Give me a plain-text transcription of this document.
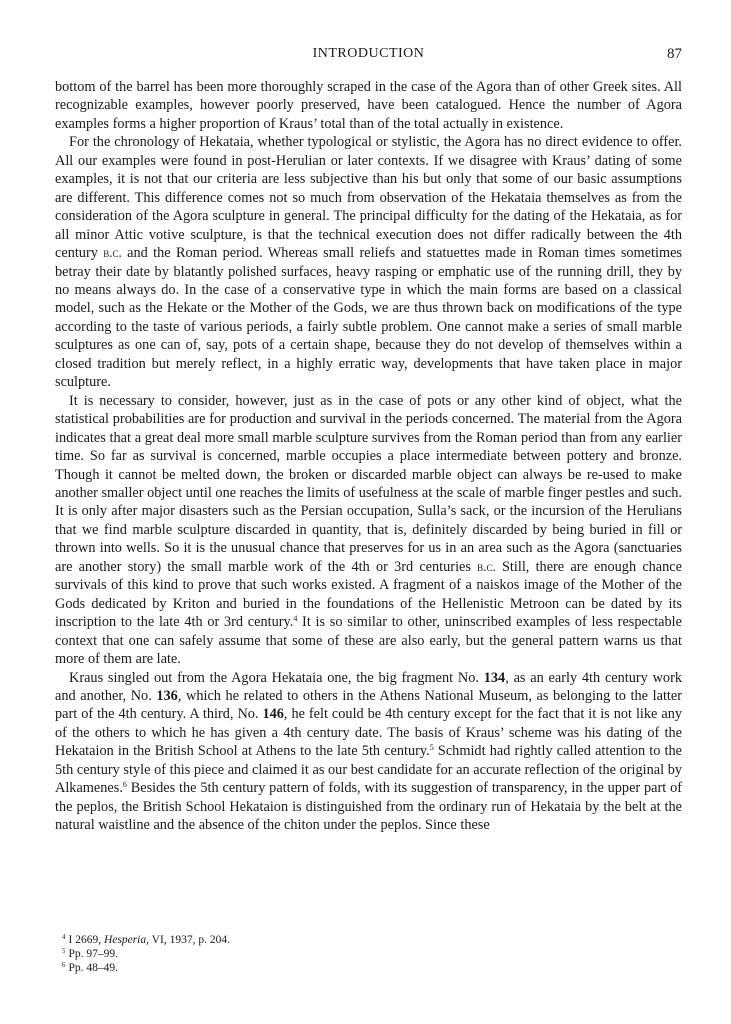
INTRODUCTION	87

bottom of the barrel has been more thoroughly scraped in the case of the Agora than of other Greek sites. All recognizable examples, however poorly preserved, have been catalogued. Hence the number of Agora examples forms a higher proportion of Kraus’ total than of the total actually in existence.

For the chronology of Hekataia, whether typological or stylistic, the Agora has no direct evidence to offer. All our examples were found in post-Herulian or later contexts. If we disagree with Kraus’ dating of some examples, it is not that our criteria are less subjective than his but only that some of our basic assumptions are different. This difference comes not so much from observation of the Hekataia themselves as from the consideration of the Agora sculpture in general. The principal difficulty for the dating of the Hekataia, as for all minor Attic votive sculpture, is that the technical execution does not differ radically between the 4th century b.c. and the Roman period. Whereas small reliefs and statuettes made in Roman times sometimes betray their date by blatantly polished surfaces, heavy rasping or emphatic use of the running drill, they by no means always do. In the case of a conservative type in which the main forms are based on a classical model, such as the Hekate or the Mother of the Gods, we are thus thrown back on modifications of the type according to the taste of various periods, a fairly subtle problem. One cannot make a series of small marble sculptures as one can of, say, pots of a certain shape, because they do not develop of themselves within a closed tradition but merely reflect, in a highly erratic way, developments that have taken place in major sculpture.

It is necessary to consider, however, just as in the case of pots or any other kind of object, what the statistical probabilities are for production and survival in the periods concerned. The material from the Agora indicates that a great deal more small marble sculpture survives from the Roman period than from any earlier time. So far as survival is concerned, marble occupies a place intermediate between pottery and bronze. Though it cannot be melted down, the broken or discarded marble object can always be re-used to make another smaller object until one reaches the limits of usefulness at the scale of marble finger pestles and such. It is only after major disasters such as the Persian occupation, Sulla’s sack, or the incursion of the Herulians that we find marble sculpture discarded in quantity, that is, definitely discarded by being buried in fill or thrown into wells. So it is the unusual chance that preserves for us in an area such as the Agora (sanctuaries are another story) the small marble work of the 4th or 3rd centuries b.c. Still, there are enough chance survivals of this kind to prove that such works existed. A fragment of a naiskos image of the Mother of the Gods dedicated by Kriton and buried in the foundations of the Hellenistic Metroon can be dated by its inscription to the late 4th or 3rd century.$^4$ It is so similar to other, uninscribed examples of less respectable context that one can safely assume that some of these are also early, but the general pattern warns us that more of them are late.

Kraus singled out from the Agora Hekataia one, the big fragment No. 134, as an early 4th century work and another, No. 136, which he related to others in the Athens National Museum, as belonging to the latter part of the 4th century. A third, No. 146, he felt could be 4th century except for the fact that it is not like any of the others to which he has given a 4th century date. The basis of Kraus’ scheme was his dating of the Hekataion in the British School at Athens to the late 5th century.$^5$ Schmidt had rightly called attention to the 5th century style of this piece and claimed it as our best candidate for an accurate reflection of the original by Alkamenes.$^6$ Besides the 5th century pattern of folds, with its suggestion of transparency, in the upper part of the peplos, the British School Hekataion is distinguished from the ordinary run of Hekataia by the belt at the natural waistline and the absence of the chiton under the peplos. Since these

$^4$ I 2669, Hesperia, VI, 1937, p. 204.
$^5$ Pp. 97–99.
$^6$ Pp. 48–49.
